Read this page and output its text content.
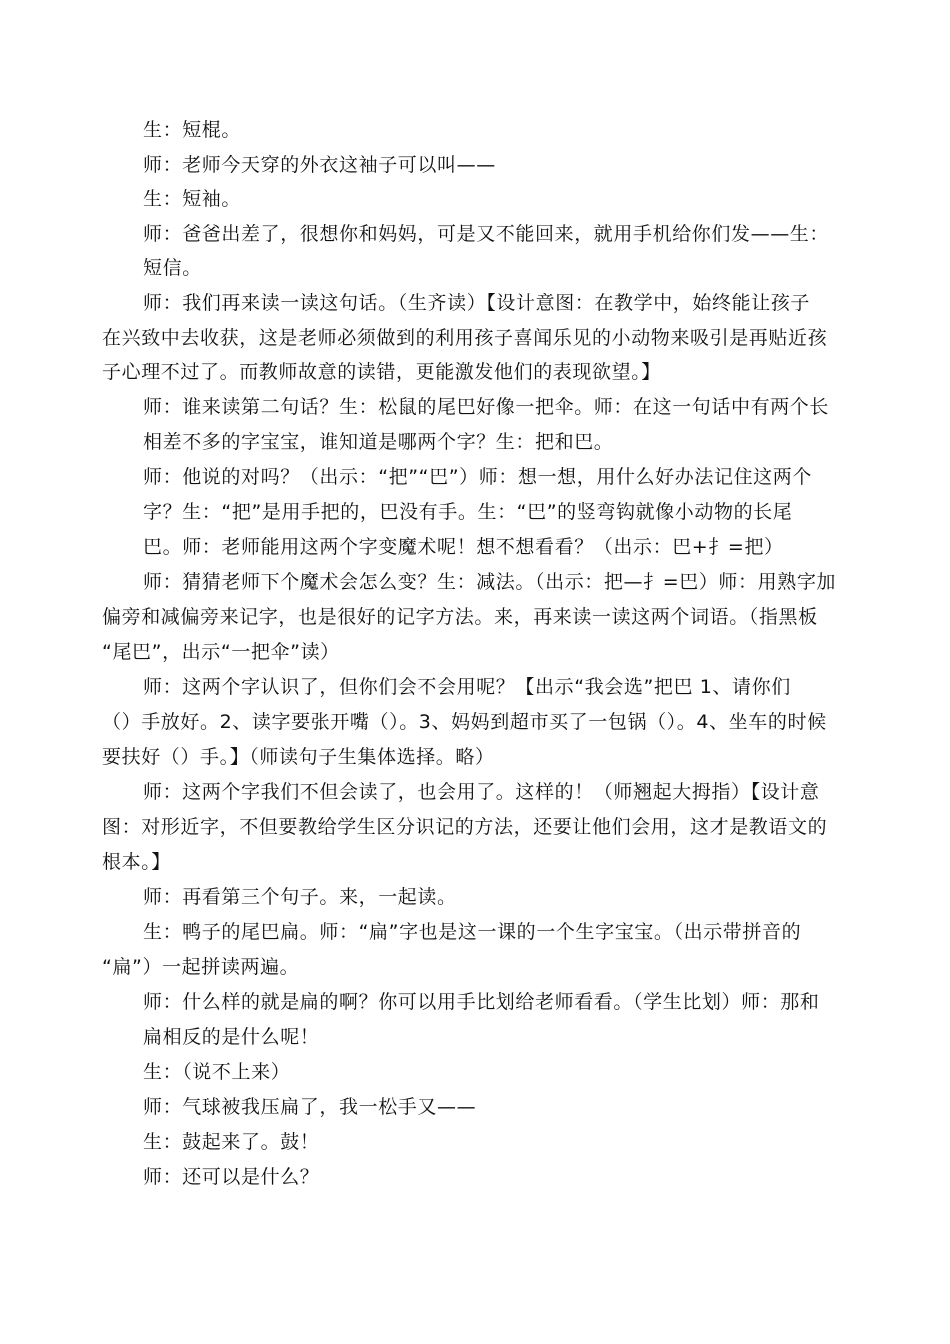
生：短棍。
师：老师今天穿的外衣这袖子可以叫——
生：短袖。
师：爸爸出差了，很想你和妈妈，可是又不能回来，就用手机给你们发——生：
短信。
师：我们再来读一读这句话。（生齐读）【设计意图：在教学中，始终能让孩子
在兴致中去收获，这是老师必须做到的利用孩子喜闻乐见的小动物来吸引是再贴近孩
子心理不过了。而教师故意的读错，更能激发他们的表现欲望。】
师：谁来读第二句话？生：松鼠的尾巴好像一把伞。师：在这一句话中有两个长
相差不多的字宝宝，谁知道是哪两个字？生：把和巴。
师：他说的对吗？（出示：“把”“巴”）师：想一想，用什么好办法记住这两个
字？生：“把”是用手把的，巴没有手。生：“巴”的竖弯钩就像小动物的长尾
巴。师：老师能用这两个字变魔术呢！想不想看看？（出示：巴+扌=把）
师：猜猜老师下个魔术会怎么变？生：减法。（出示：把—扌=巴）师：用熟字加
偏旁和减偏旁来记字，也是很好的记字方法。来，再来读一读这两个词语。（指黑板
“尾巴”，出示“一把伞”读）
师：这两个字认识了，但你们会不会用呢？【出示“我会选”把巴 1、请你们
（）手放好。2、读字要张开嘴（）。3、妈妈到超市买了一包锅（）。4、坐车的时候
要扶好（）手。】（师读句子生集体选择。略）
师：这两个字我们不但会读了，也会用了。这样的！（师翘起大拇指）【设计意
图：对形近字，不但要教给学生区分识记的方法，还要让他们会用，这才是教语文的
根本。】
师：再看第三个句子。来，一起读。
生：鸭子的尾巴扁。师：“扁”字也是这一课的一个生字宝宝。（出示带拼音的
“扁”）一起拼读两遍。
师：什么样的就是扁的啊？你可以用手比划给老师看看。（学生比划）师：那和
扁相反的是什么呢！
生：（说不上来）
师：气球被我压扁了，我一松手又——
生：鼓起来了。鼓！
师：还可以是什么？
